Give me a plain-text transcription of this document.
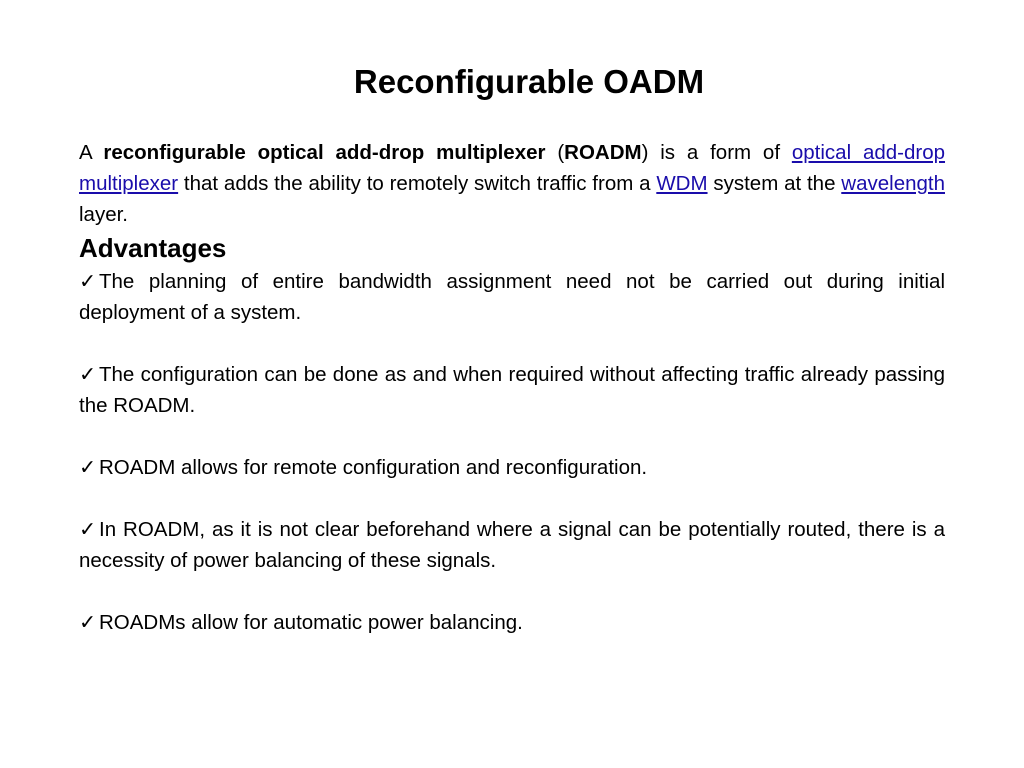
Reconfigurable OADM

A reconfigurable optical add-drop multiplexer (ROADM) is a form of optical add-drop multiplexer that adds the ability to remotely switch traffic from a WDM system at the wavelength layer.

Advantages

✓ The planning of entire bandwidth assignment need not be carried out during initial deployment of a system.

✓ The configuration can be done as and when required without affecting traffic already passing the ROADM.

✓ ROADM allows for remote configuration and reconfiguration.

✓ In ROADM, as it is not clear beforehand where a signal can be potentially routed, there is a necessity of power balancing of these signals.

✓ ROADMs allow for automatic power balancing.
